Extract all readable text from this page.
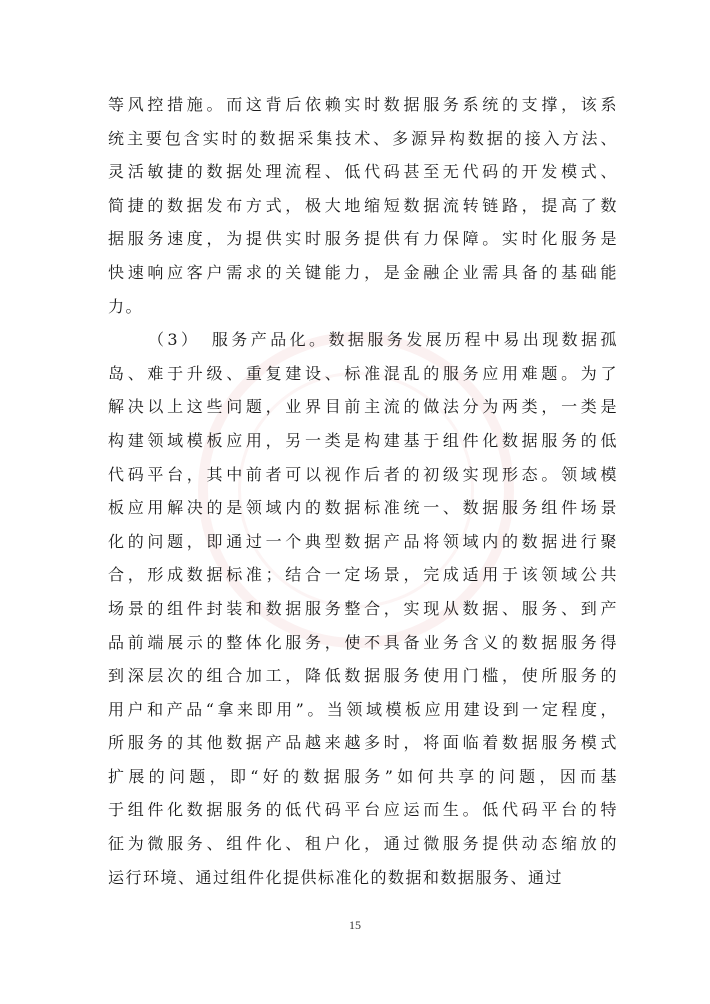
等风控措施。而这背后依赖实时数据服务系统的支撑，该系
统主要包含实时的数据采集技术、多源异构数据的接入方法、
灵活敏捷的数据处理流程、低代码甚至无代码的开发模式、
简捷的数据发布方式，极大地缩短数据流转链路，提高了数
据服务速度，为提供实时服务提供有力保障。实时化服务是
快速响应客户需求的关键能力，是金融企业需具备的基础能
力。
（3）　服务产品化。数据服务发展历程中易出现数据孤
岛、难于升级、重复建设、标准混乱的服务应用难题。为了
解决以上这些问题，业界目前主流的做法分为两类，一类是
构建领域模板应用，另一类是构建基于组件化数据服务的低
代码平台，其中前者可以视作后者的初级实现形态。领域模
板应用解决的是领域内的数据标准统一、数据服务组件场景
化的问题，即通过一个典型数据产品将领域内的数据进行聚
合，形成数据标准；结合一定场景，完成适用于该领域公共
场景的组件封装和数据服务整合，实现从数据、服务、到产
品前端展示的整体化服务，使不具备业务含义的数据服务得
到深层次的组合加工，降低数据服务使用门槛，使所服务的
用户和产品“拿来即用”。当领域模板应用建设到一定程度，
所服务的其他数据产品越来越多时，将面临着数据服务模式
扩展的问题，即“好的数据服务”如何共享的问题，因而基
于组件化数据服务的低代码平台应运而生。低代码平台的特
征为微服务、组件化、租户化，通过微服务提供动态缩放的
运行环境、通过组件化提供标准化的数据和数据服务、通过
15
